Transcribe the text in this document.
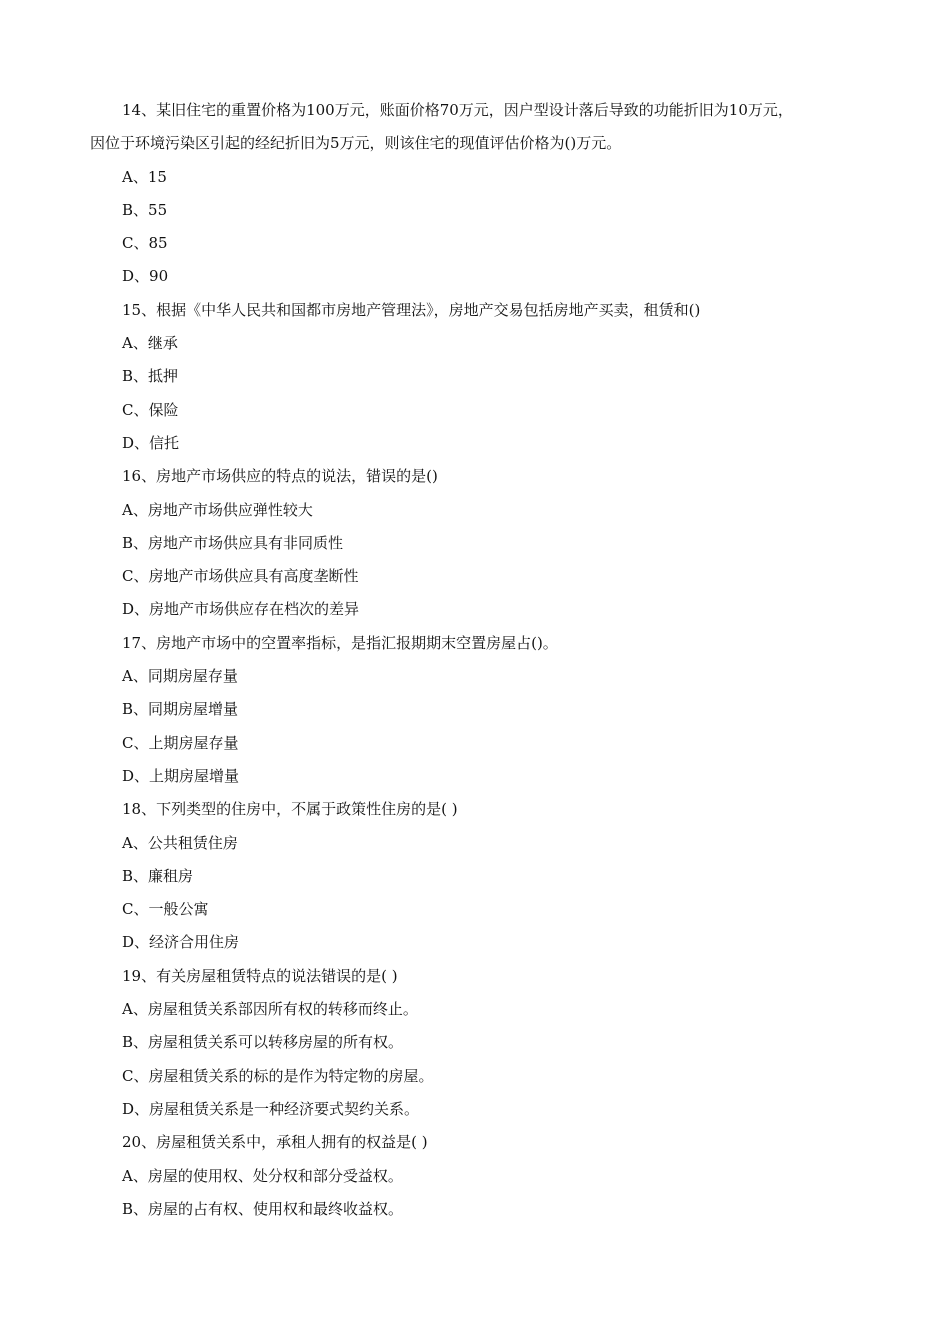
14、某旧住宅的重置价格为100万元，账面价格70万元，因户型设计落后导致的功能折旧为10万元，
因位于环境污染区引起的经纪折旧为5万元，则该住宅的现值评估价格为()万元。
A、15
B、55
C、85
D、90
15、根据《中华人民共和国都市房地产管理法》，房地产交易包括房地产买卖，租赁和()
A、继承
B、抵押
C、保险
D、信托
16、房地产市场供应的特点的说法，错误的是()
A、房地产市场供应弹性较大
B、房地产市场供应具有非同质性
C、房地产市场供应具有高度垄断性
D、房地产市场供应存在档次的差异
17、房地产市场中的空置率指标，是指汇报期期末空置房屋占()。
A、同期房屋存量
B、同期房屋增量
C、上期房屋存量
D、上期房屋增量
18、下列类型的住房中，不属于政策性住房的是( )
A、公共租赁住房
B、廉租房
C、一般公寓
D、经济合用住房
19、有关房屋租赁特点的说法错误的是( )
A、房屋租赁关系部因所有权的转移而终止。
B、房屋租赁关系可以转移房屋的所有权。
C、房屋租赁关系的标的是作为特定物的房屋。
D、房屋租赁关系是一种经济要式契约关系。
20、房屋租赁关系中，承租人拥有的权益是( )
A、房屋的使用权、处分权和部分受益权。
B、房屋的占有权、使用权和最终收益权。
